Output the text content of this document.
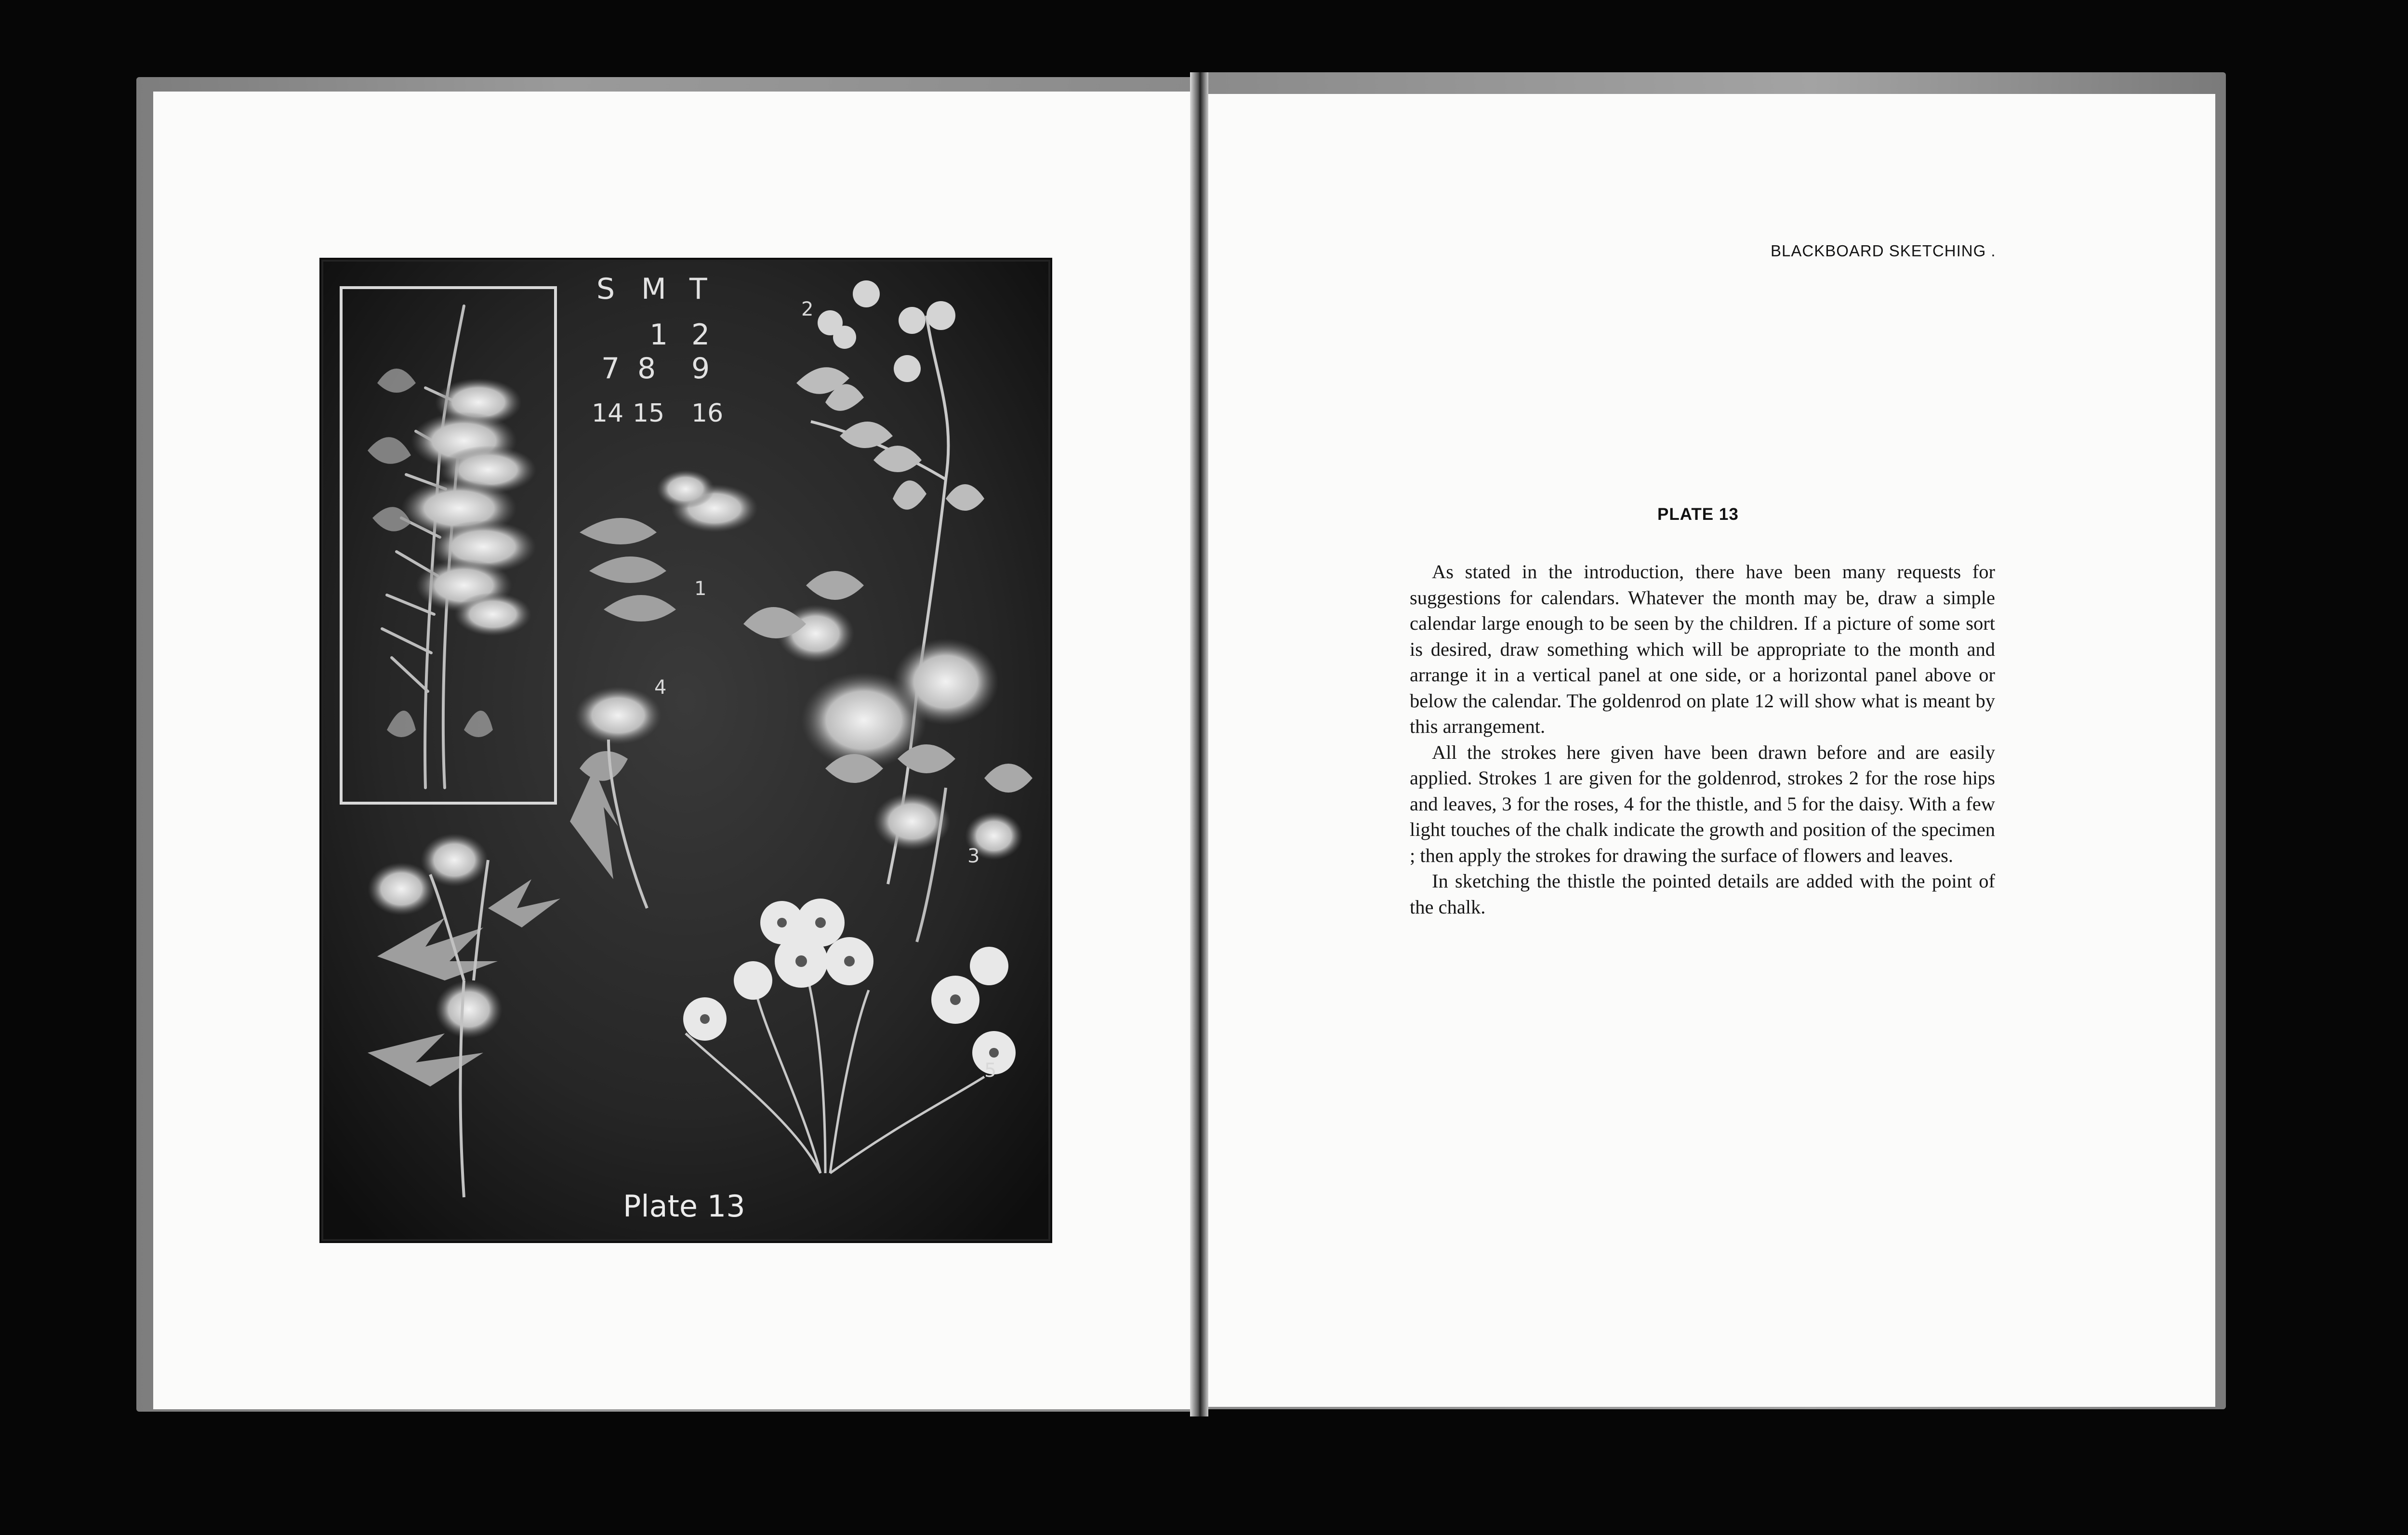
S M T
1 2
7 8 9
14 15 16
1
2
3
4
5
Plate 13
BLACKBOARD SKETCHING .
PLATE 13

As stated in the introduction, there have been many requests for suggestions for calendars. Whatever the month may be, draw a simple calendar large enough to be seen by the children. If a picture of some sort is desired, draw something which will be appropriate to the month and arrange it in a vertical panel at one side, or a horizontal panel above or below the calendar. The goldenrod on plate 12 will show what is meant by this arrangement.

All the strokes here given have been drawn before and are easily applied. Strokes 1 are given for the goldenrod, strokes 2 for the rose hips and leaves, 3 for the roses, 4 for the thistle, and 5 for the daisy. With a few light touches of the chalk indicate the growth and position of the specimen ; then apply the strokes for drawing the surface of flowers and leaves.

In sketching the thistle the pointed details are added with the point of the chalk.
